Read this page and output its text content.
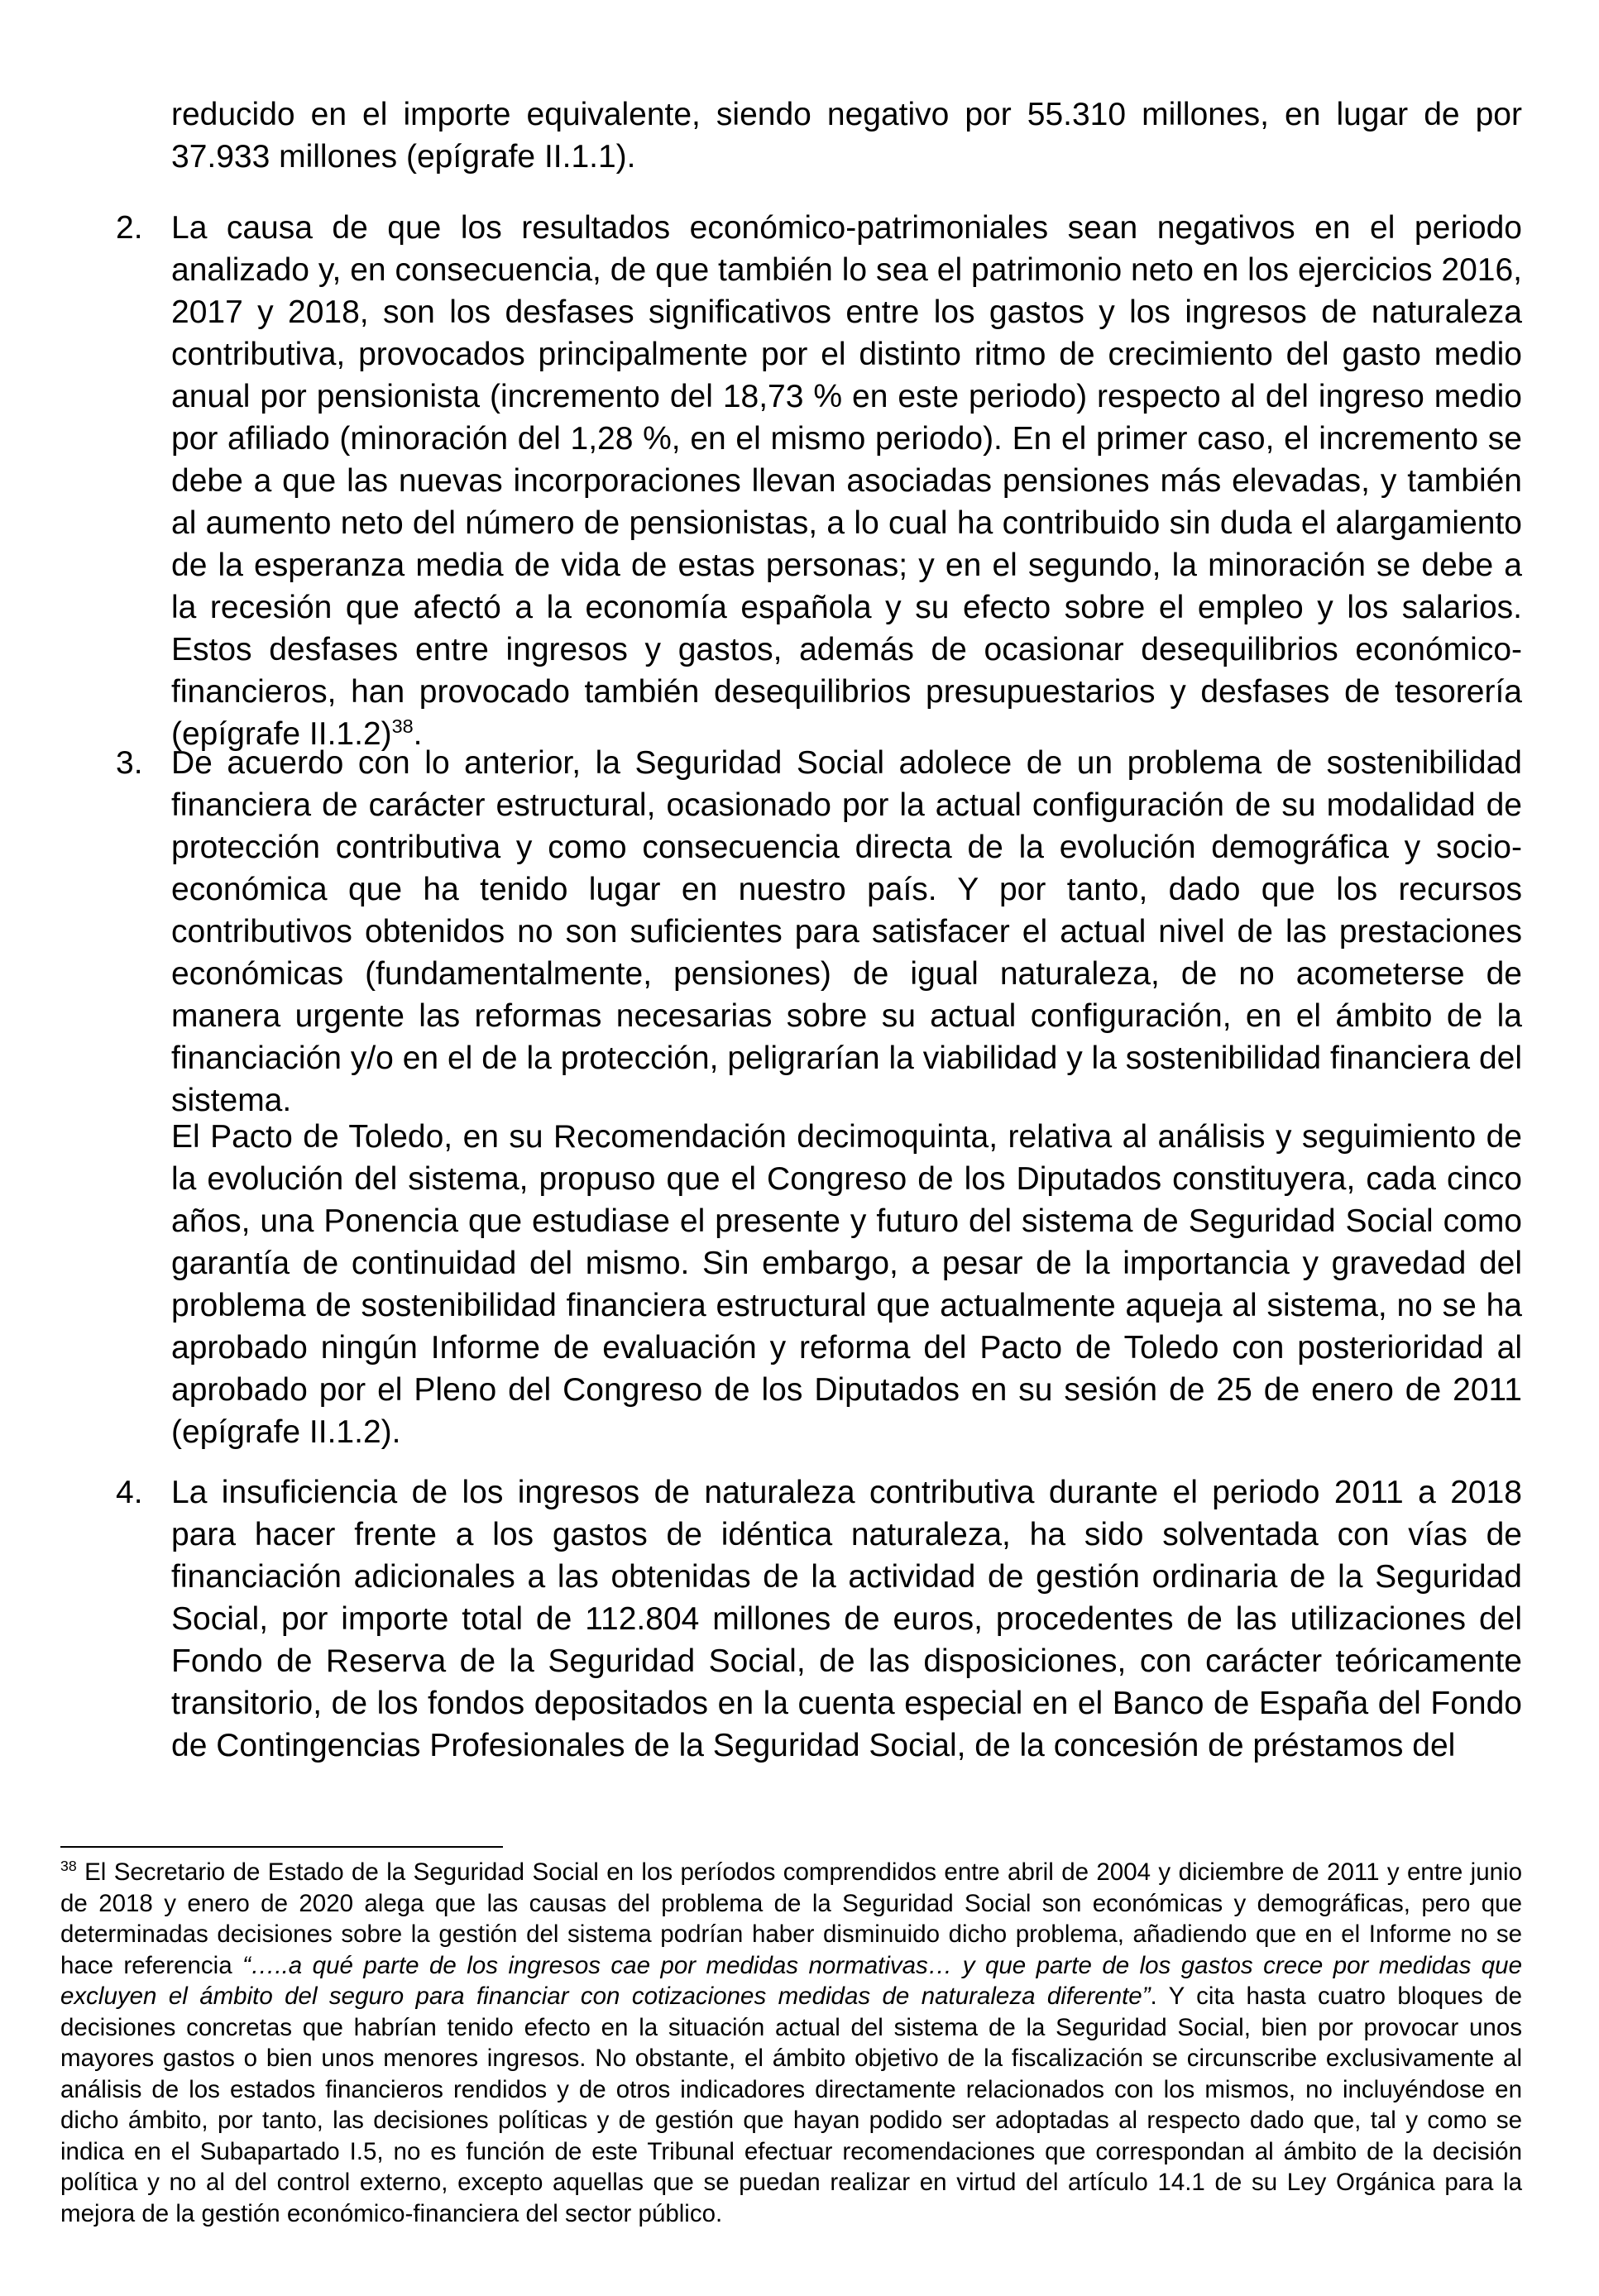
reducido en el importe equivalente, siendo negativo por 55.310 millones, en lugar de por 37.933 millones (epígrafe II.1.1).

2. La causa de que los resultados económico-patrimoniales sean negativos en el periodo analizado y, en consecuencia, de que también lo sea el patrimonio neto en los ejercicios 2016, 2017 y 2018, son los desfases significativos entre los gastos y los ingresos de naturaleza contributiva, provocados principalmente por el distinto ritmo de crecimiento del gasto medio anual por pensionista (incremento del 18,73 % en este periodo) respecto al del ingreso medio por afiliado (minoración del 1,28 %, en el mismo periodo). En el primer caso, el incremento se debe a que las nuevas incorporaciones llevan asociadas pensiones más elevadas, y también al aumento neto del número de pensionistas, a lo cual ha contribuido sin duda el alargamiento de la esperanza media de vida de estas personas; y en el segundo, la minoración se debe a la recesión que afectó a la economía española y su efecto sobre el empleo y los salarios. Estos desfases entre ingresos y gastos, además de ocasionar desequilibrios económico-financieros, han provocado también desequilibrios presupuestarios y desfases de tesorería (epígrafe II.1.2)$^{38}$.

3. De acuerdo con lo anterior, la Seguridad Social adolece de un problema de sostenibilidad financiera de carácter estructural, ocasionado por la actual configuración de su modalidad de protección contributiva y como consecuencia directa de la evolución demográfica y socio-económica que ha tenido lugar en nuestro país. Y por tanto, dado que los recursos contributivos obtenidos no son suficientes para satisfacer el actual nivel de las prestaciones económicas (fundamentalmente, pensiones) de igual naturaleza, de no acometerse de manera urgente las reformas necesarias sobre su actual configuración, en el ámbito de la financiación y/o en el de la protección, peligrarían la viabilidad y la sostenibilidad financiera del sistema.

El Pacto de Toledo, en su Recomendación decimoquinta, relativa al análisis y seguimiento de la evolución del sistema, propuso que el Congreso de los Diputados constituyera, cada cinco años, una Ponencia que estudiase el presente y futuro del sistema de Seguridad Social como garantía de continuidad del mismo. Sin embargo, a pesar de la importancia y gravedad del problema de sostenibilidad financiera estructural que actualmente aqueja al sistema, no se ha aprobado ningún Informe de evaluación y reforma del Pacto de Toledo con posterioridad al aprobado por el Pleno del Congreso de los Diputados en su sesión de 25 de enero de 2011 (epígrafe II.1.2).

4. La insuficiencia de los ingresos de naturaleza contributiva durante el periodo 2011 a 2018 para hacer frente a los gastos de idéntica naturaleza, ha sido solventada con vías de financiación adicionales a las obtenidas de la actividad de gestión ordinaria de la Seguridad Social, por importe total de 112.804 millones de euros, procedentes de las utilizaciones del Fondo de Reserva de la Seguridad Social, de las disposiciones, con carácter teóricamente transitorio, de los fondos depositados en la cuenta especial en el Banco de España del Fondo de Contingencias Profesionales de la Seguridad Social, de la concesión de préstamos del

$^{38}$ El Secretario de Estado de la Seguridad Social en los períodos comprendidos entre abril de 2004 y diciembre de 2011 y entre junio de 2018 y enero de 2020 alega que las causas del problema de la Seguridad Social son económicas y demográficas, pero que determinadas decisiones sobre la gestión del sistema podrían haber disminuido dicho problema, añadiendo que en el Informe no se hace referencia “…..a qué parte de los ingresos cae por medidas normativas… y que parte de los gastos crece por medidas que excluyen el ámbito del seguro para financiar con cotizaciones medidas de naturaleza diferente”. Y cita hasta cuatro bloques de decisiones concretas que habrían tenido efecto en la situación actual del sistema de la Seguridad Social, bien por provocar unos mayores gastos o bien unos menores ingresos. No obstante, el ámbito objetivo de la fiscalización se circunscribe exclusivamente al análisis de los estados financieros rendidos y de otros indicadores directamente relacionados con los mismos, no incluyéndose en dicho ámbito, por tanto, las decisiones políticas y de gestión que hayan podido ser adoptadas al respecto dado que, tal y como se indica en el Subapartado I.5, no es función de este Tribunal efectuar recomendaciones que correspondan al ámbito de la decisión política y no al del control externo, excepto aquellas que se puedan realizar en virtud del artículo 14.1 de su Ley Orgánica para la mejora de la gestión económico-financiera del sector público.
